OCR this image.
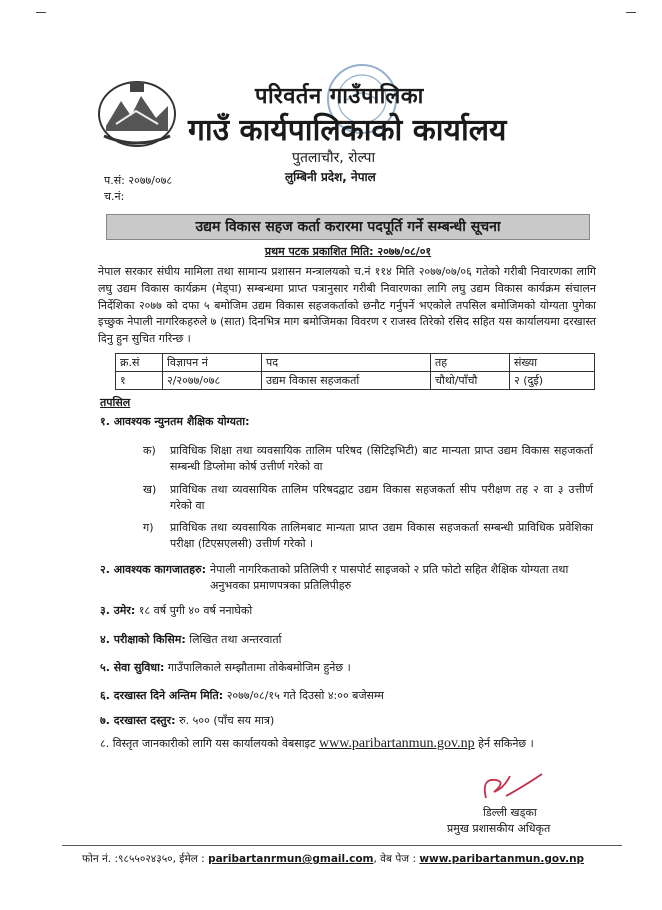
परिवर्तन गाउँपालिका
गाउँ कार्यपालिकाको कार्यालय
पुतलाचौर, रोल्पा
लुम्बिनी प्रदेश, नेपाल
प.सं: २०७७/०७८
च.नं:
उद्यम विकास सहज कर्ता करारमा पदपूर्ति गर्ने सम्बन्धी सूचना
प्रथम पटक प्रकाशित मिति: २०७७/०८/०१
नेपाल सरकार संघीय मामिला तथा सामान्य प्रशासन मन्त्रालयको च.नं ११४ मिति २०७७/०७/०६ गतेको गरीबी निवारणका लागि लघु उद्यम विकास कार्यक्रम (मेड्पा) सम्बन्धमा प्राप्त पत्रानुसार गरीबी निवारणका लागि लघु उद्यम विकास कार्यक्रम संचालन निर्देशिका २०७७ को दफा ५ बमोजिम उद्यम विकास सहजकर्ताको छनौट गर्नुपर्ने भएकोले तपसिल बमोजिमको योग्यता पुगेका इच्छुक नेपाली नागरिकहरुले ७ (सात) दिनभित्र माग बमोजिमका विवरण र राजस्व तिरेको रसिद सहित यस कार्यालयमा दरखास्त दिनु हुन सुचित गरिन्छ ।
क्र.सं	विज्ञापन नं	पद	तह	संख्या
१	२/२०७७/०७८	उद्यम विकास सहजकर्ता	चौथो/पाँचौ	२ (दुई)
तपसिल
१. आवश्यक न्युनतम शैक्षिक योग्यता:
क)	प्राविधिक शिक्षा तथा व्यवसायिक तालिम परिषद (सिटिइभिटी) बाट मान्यता प्राप्त उद्यम विकास सहजकर्ता सम्बन्धी डिप्लोमा कोर्ष उत्तीर्ण गरेको वा
ख)	प्राविधिक तथा व्यवसायिक तालिम परिषदद्वाट उद्यम विकास सहजकर्ता सीप परीक्षण तह २ वा ३ उत्तीर्ण गरेको वा
ग)	प्राविधिक तथा व्यवसायिक तालिमबाट मान्यता प्राप्त उद्यम विकास सहजकर्ता सम्बन्धी प्राविधिक प्रवेशिका परीक्षा (टिएसएलसी) उत्तीर्ण गरेको ।
२. आवश्यक कागजातहरु: नेपाली नागरिकताको प्रतिलिपी र पासपोर्ट साइजको २ प्रति फोटो सहित शैक्षिक योग्यता तथा अनुभवका प्रमाणपत्रका प्रतिलिपीहरु
३. उमेर: १८ वर्ष पुगी ४० वर्ष ननाघेको
४. परीक्षाको किसिम: लिखित तथा अन्तरवार्ता
५. सेवा सुविधा: गाउँपालिकाले सम्झौतामा तोकेबमोजिम हुनेछ ।
६. दरखास्त दिने अन्तिम मिति: २०७७/०८/१५ गते दिउसो ४:०० बजेसम्म
७. दरखास्त दस्तुर: रु. ५०० (पाँच सय मात्र)
८. विस्तृत जानकारीको लागि यस कार्यालयको वेबसाइट www.paribartanmun.gov.np हेर्न सकिनेछ ।
डिल्ली खड्का
प्रमुख प्रशासकीय अधिकृत
फोन नं. :९८५५०२४३५०, ईमेल : paribartanrmun@gmail.com, वेब पेज : www.paribartanmun.gov.np
